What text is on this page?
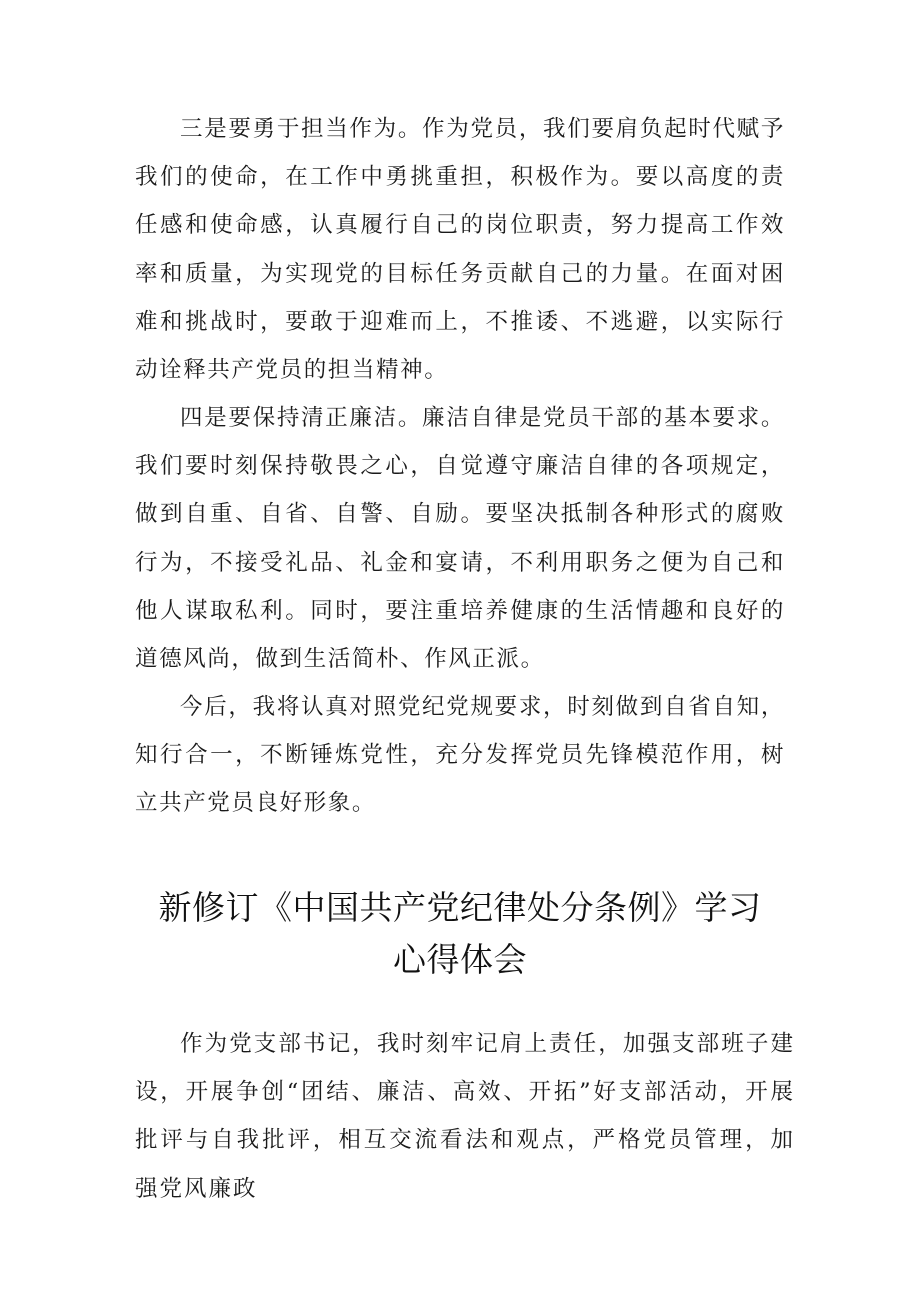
三是要勇于担当作为。作为党员，我们要肩负起时代赋予我们的使命，在工作中勇挑重担，积极作为。要以高度的责任感和使命感，认真履行自己的岗位职责，努力提高工作效率和质量，为实现党的目标任务贡献自己的力量。在面对困难和挑战时，要敢于迎难而上，不推诿、不逃避，以实际行动诠释共产党员的担当精神。

四是要保持清正廉洁。廉洁自律是党员干部的基本要求。我们要时刻保持敬畏之心，自觉遵守廉洁自律的各项规定，做到自重、自省、自警、自励。要坚决抵制各种形式的腐败行为，不接受礼品、礼金和宴请，不利用职务之便为自己和他人谋取私利。同时，要注重培养健康的生活情趣和良好的道德风尚，做到生活简朴、作风正派。

今后，我将认真对照党纪党规要求，时刻做到自省自知，知行合一，不断锤炼党性，充分发挥党员先锋模范作用，树立共产党员良好形象。

新修订《中国共产党纪律处分条例》学习
心得体会

作为党支部书记，我时刻牢记肩上责任，加强支部班子建设，开展争创“团结、廉洁、高效、开拓”好支部活动，开展批评与自我批评，相互交流看法和观点，严格党员管理，加强党风廉政
